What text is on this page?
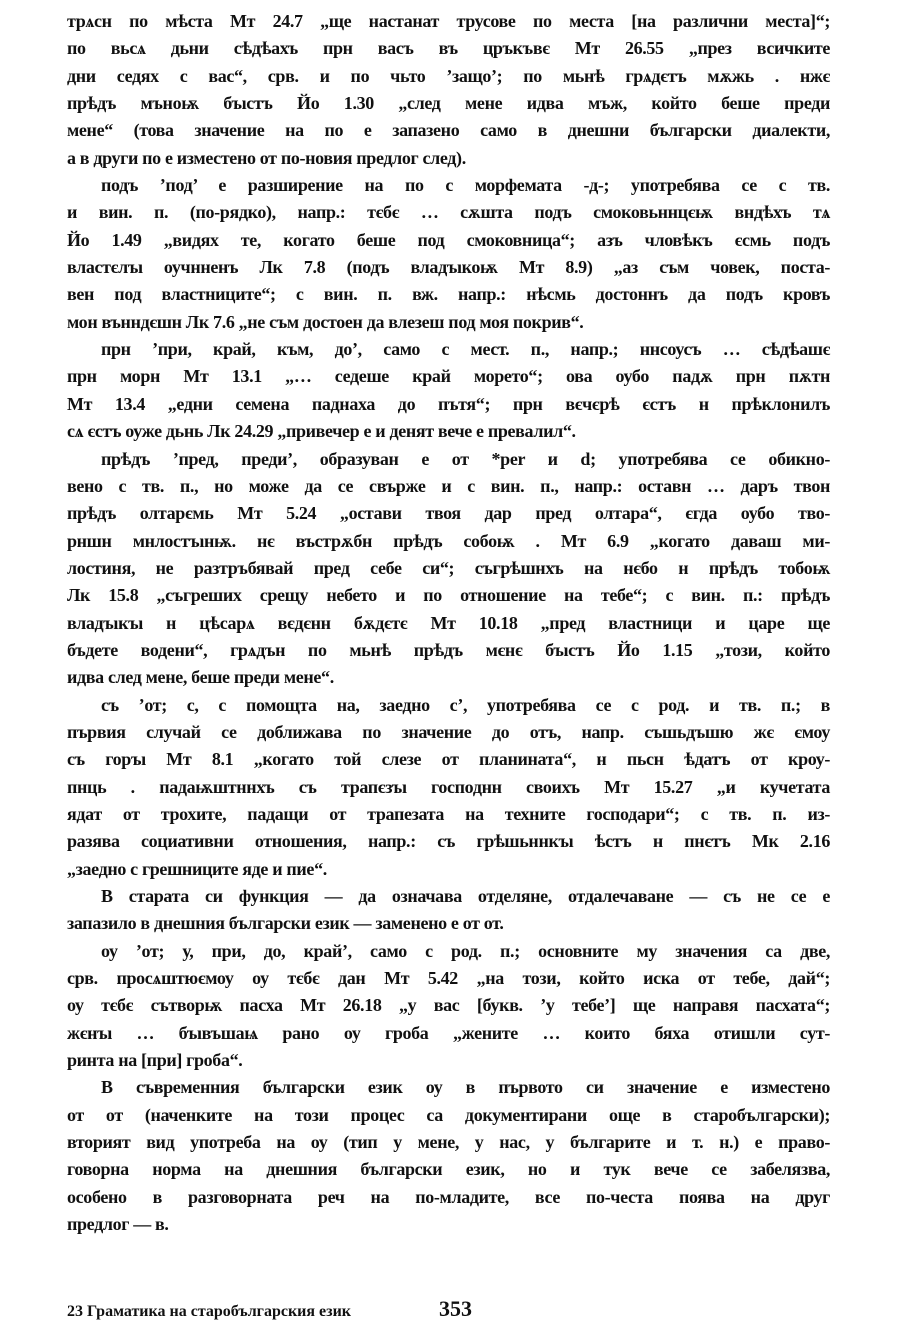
трѧсн по мѣста Мт 24.7 „ще настанат трусове по места [на различни места]“;
по вьсѧ дьни сѣдѣахъ прн васъ въ цръкъвє Мт 26.55 „през всичките
дни седях с вас“, срв. и по чьто ’защо’; по мьнѣ грѧдєтъ мѫжь . нжє
прѣдъ мъноѭ бъıстъ Йо 1.30 „след мене идва мъж, който беше преди
мене“ (това значение на по е запазено само в днешни български диалекти,
а в други по е изместено от по-новия предлог след).
подъ ’под’ е разширение на по с морфемата -д-; употребява се с тв.
и вин. п. (по-рядко), напр.: тєбє … сѫшта подъ смоковьннцєѭ вндѣхъ тѧ
Йо 1.49 „видях те, когато беше под смоковница“; азъ чловѣкъ єсмь подъ
властєлъı оучнненъ Лк 7.8 (подъ владъıкоѭ Мт 8.9) „аз съм човек, поста-
вен под властниците“; с вин. п. вж. напр.: нѣсмь достоннъ да подъ кровъ
мон вънндєшн Лк 7.6 „не съм достоен да влезеш под моя покрив“.
прн ’при, край, към, до’, само с мест. п., напр.; ннсоусъ … сѣдѣашє
прн морн Мт 13.1 „… седеше край морето“; ова оубо падѫ прн пѫтн
Мт 13.4 „едни семена паднаха до пътя“; прн вєчєрѣ єстъ н прѣклонилъ
сѧ єстъ оуже дьнь Лк 24.29 „привечер е и денят вече е превалил“.
прѣдъ ’пред, преди’, образуван е от *per и d; употребява се обикно-
вено с тв. п., но може да се свърже и с вин. п., напр.: оставн … даръ твон
прѣдъ олтарємь Мт 5.24 „остави твоя дар пред олтара“, єгда оубо тво-
рншн мнлостъıнѭ. нє въстрѫбн прѣдъ собоѭ . Мт 6.9 „когато даваш ми-
лостиня, не разтръбявай пред себе си“; съгрѣшнхъ на нєбо н прѣдъ тобоѭ
Лк 15.8 „съгреших срещу небето и по отношение на тебе“; с вин. п.: прѣдъ
владъıкъı н цѣсарѧ вєдєнн бѫдєтє Мт 10.18 „пред властници и царе ще
бъдете водени“, грѧдън по мьнѣ прѣдъ мєнє бъıстъ Йо 1.15 „този, който
идва след мене, беше преди мене“.
съ ’от; с, с помощта на, заедно с’, употребява се с род. и тв. п.; в
първия случай се доближава по значение до отъ, напр. съшьдъшю жє ємоу
съ горъı Мт 8.1 „когато той слезе от планината“, н пьсн ѣдатъ от кроу-
пнць . падаѭштннхъ съ трапєзъı господнн своихъ Мт 15.27 „и кучетата
ядат от трохите, падащи от трапезата на техните господари“; с тв. п. из-
разява социативни отношения, напр.: съ грѣшьннкъı ѣстъ н пнєтъ Мк 2.16
„заедно с грешниците яде и пие“.
В старата си функция — да означава отделяне, отдалечаване — съ не се е
запазило в днешния български език — заменено е от от.
оу ’от; у, при, до, край’, само с род. п.; основните му значения са две,
срв. просѧштюємоу оу тєбє дан Мт 5.42 „на този, който иска от тебе, дай“;
оу тєбє сътворѭ пасха Мт 26.18 „у вас [букв. ’у тебе’] ще направя пасхата“;
жєнъı … бъıвъшаѩ рано оу гроба „жените … които бяха отишли сут-
ринта на [при] гроба“.
В съвременния български език оу в първото си значение е изместено
от от (наченките на този процес са документирани още в старобългарски);
вторият вид употреба на оу (тип у мене, у нас, у българите и т. н.) е право-
говорна норма на днешния български език, но и тук вече се забелязва,
особено в разговорната реч на по-младите, все по-честа поява на друг
предлог — в.
23 Граматика на старобългарския език	353
